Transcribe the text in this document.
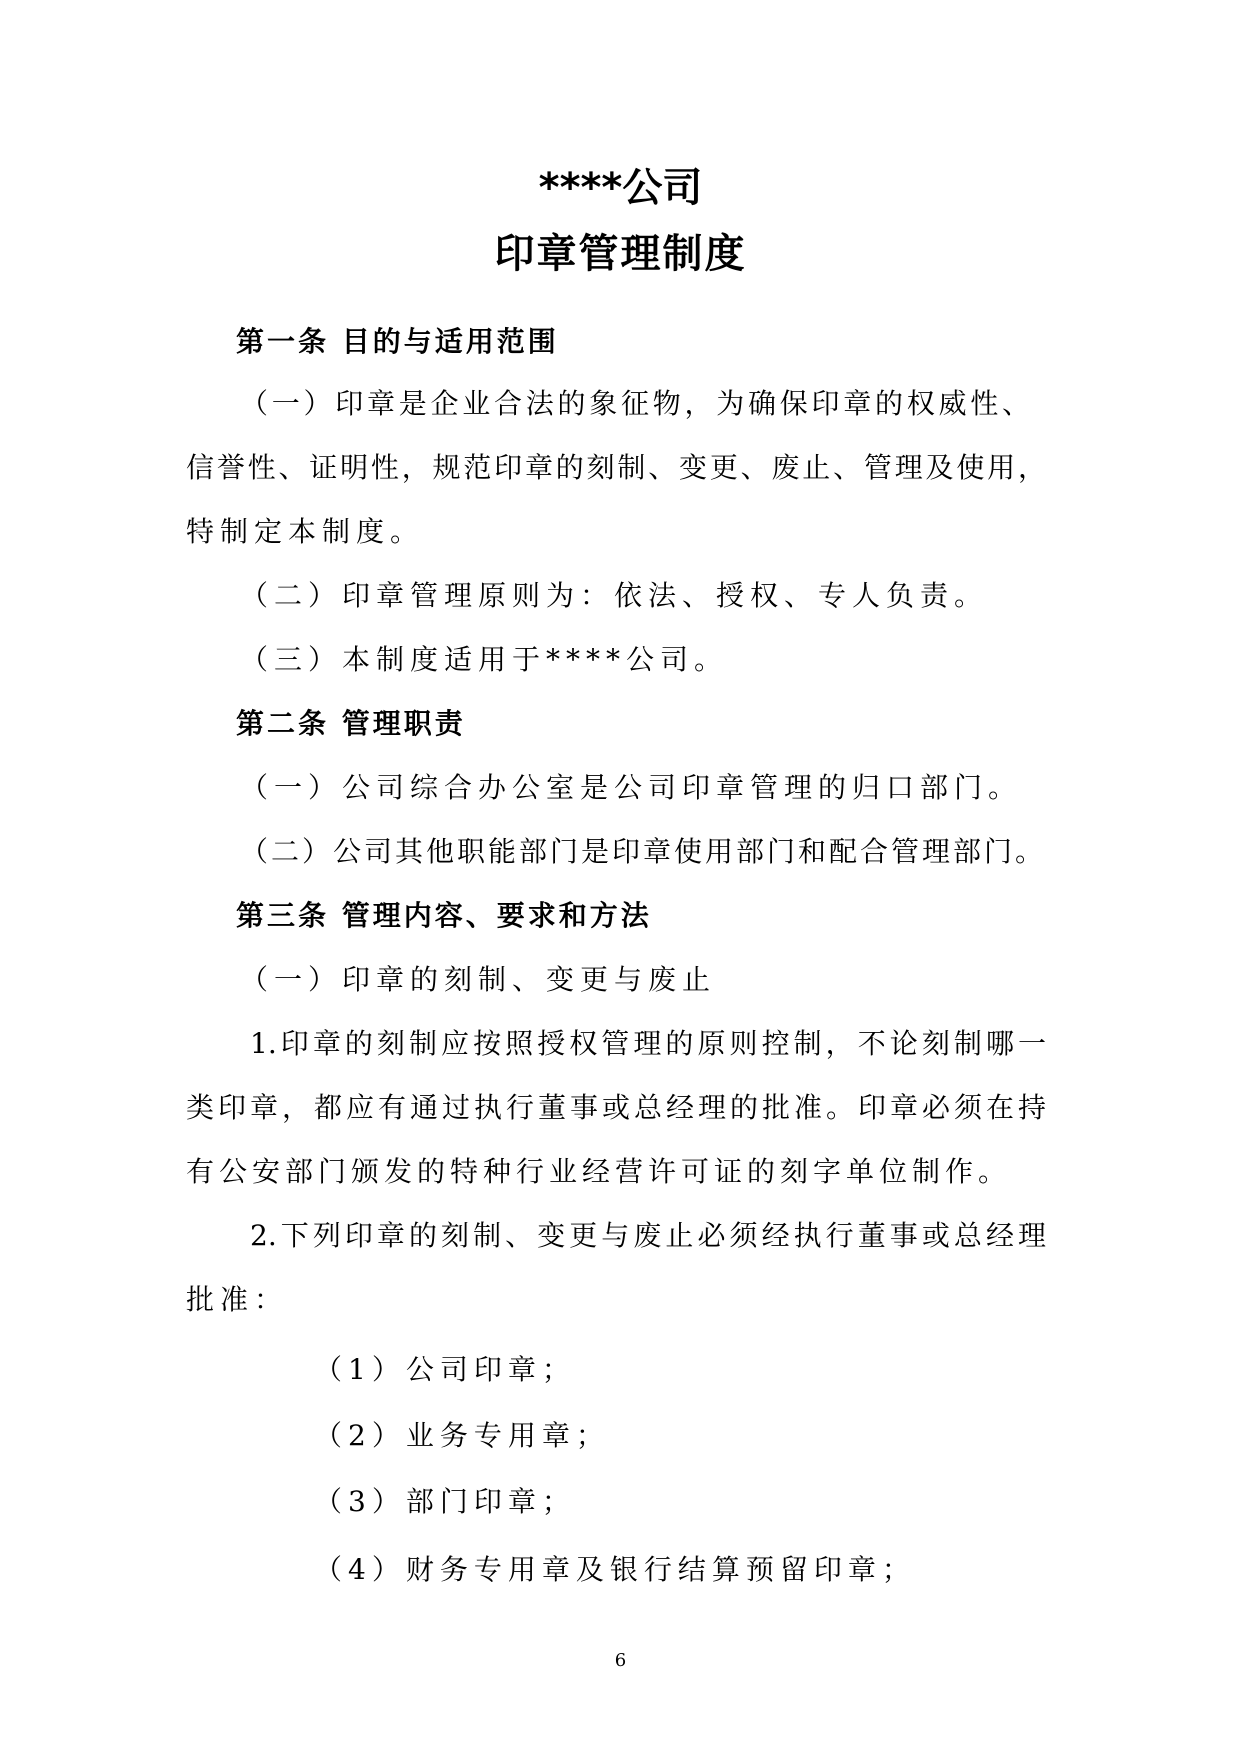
****公司
印章管理制度
第一条 目的与适用范围
（一）印章是企业合法的象征物，为确保印章的权威性、
信誉性、证明性，规范印章的刻制、变更、废止、管理及使用，
特制定本制度。
（二）印章管理原则为：依法、授权、专人负责。
（三）本制度适用于****公司。
第二条 管理职责
（一）公司综合办公室是公司印章管理的归口部门。
（二）公司其他职能部门是印章使用部门和配合管理部门。
第三条 管理内容、要求和方法
（一）印章的刻制、变更与废止
1.印章的刻制应按照授权管理的原则控制，不论刻制哪一
类印章，都应有通过执行董事或总经理的批准。印章必须在持
有公安部门颁发的特种行业经营许可证的刻字单位制作。
2.下列印章的刻制、变更与废止必须经执行董事或总经理
批准：
（1）公司印章；
（2）业务专用章；
（3）部门印章；
（4）财务专用章及银行结算预留印章；
6
